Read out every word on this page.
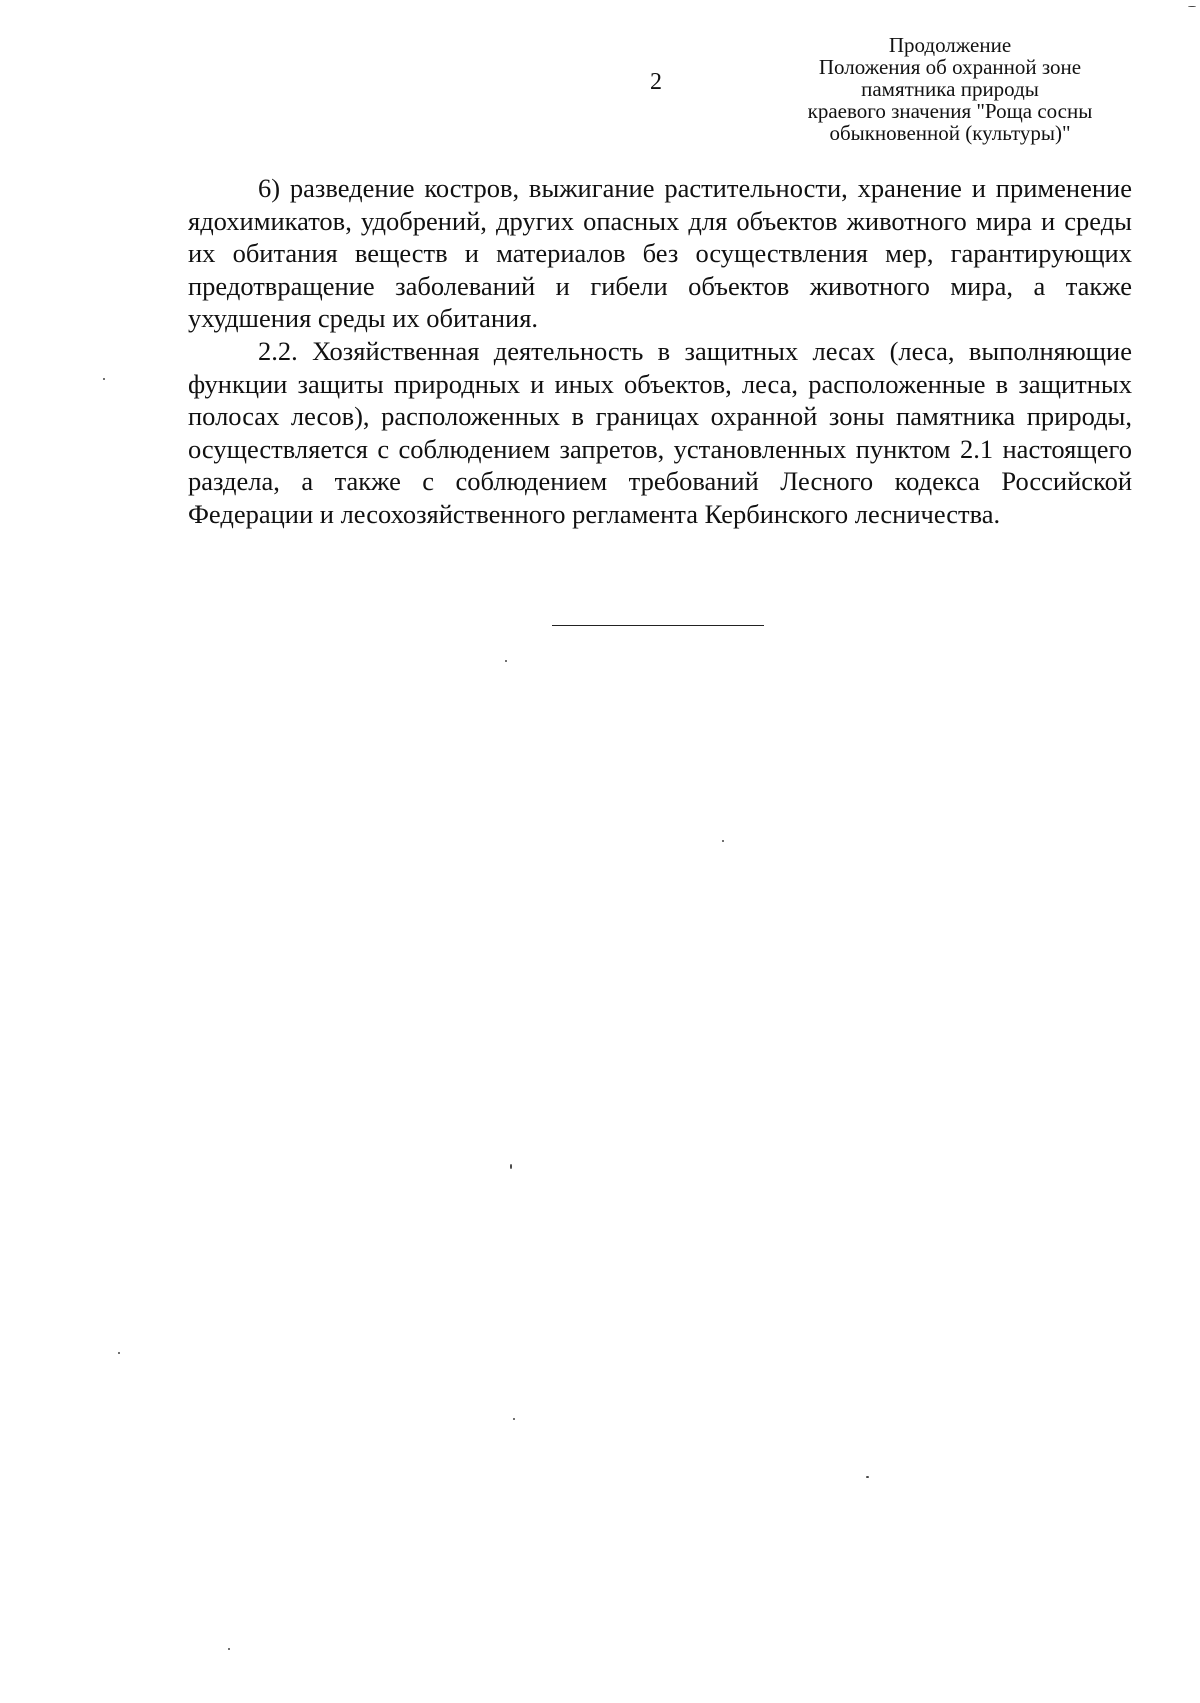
2
Продолжение
Положения об охранной зоне
памятника природы
краевого значения "Роща сосны
обыкновенной (культуры)"

6) разведение костров, выжигание растительности, хранение и применение ядохимикатов, удобрений, других опасных для объектов животного мира и среды их обитания веществ и материалов без осуществления мер, гарантирующих предотвращение заболеваний и гибели объектов животного мира, а также ухудшения среды их обитания.

2.2. Хозяйственная деятельность в защитных лесах (леса, выполняющие функции защиты природных и иных объектов, леса, расположенные в защитных полосах лесов), расположенных в границах охранной зоны памятника природы, осуществляется с соблюдением запретов, установленных пунктом 2.1 настоящего раздела, а также с соблюдением требований Лесного кодекса Российской Федерации и лесохозяйственного регламента Кербинского лесничества.
